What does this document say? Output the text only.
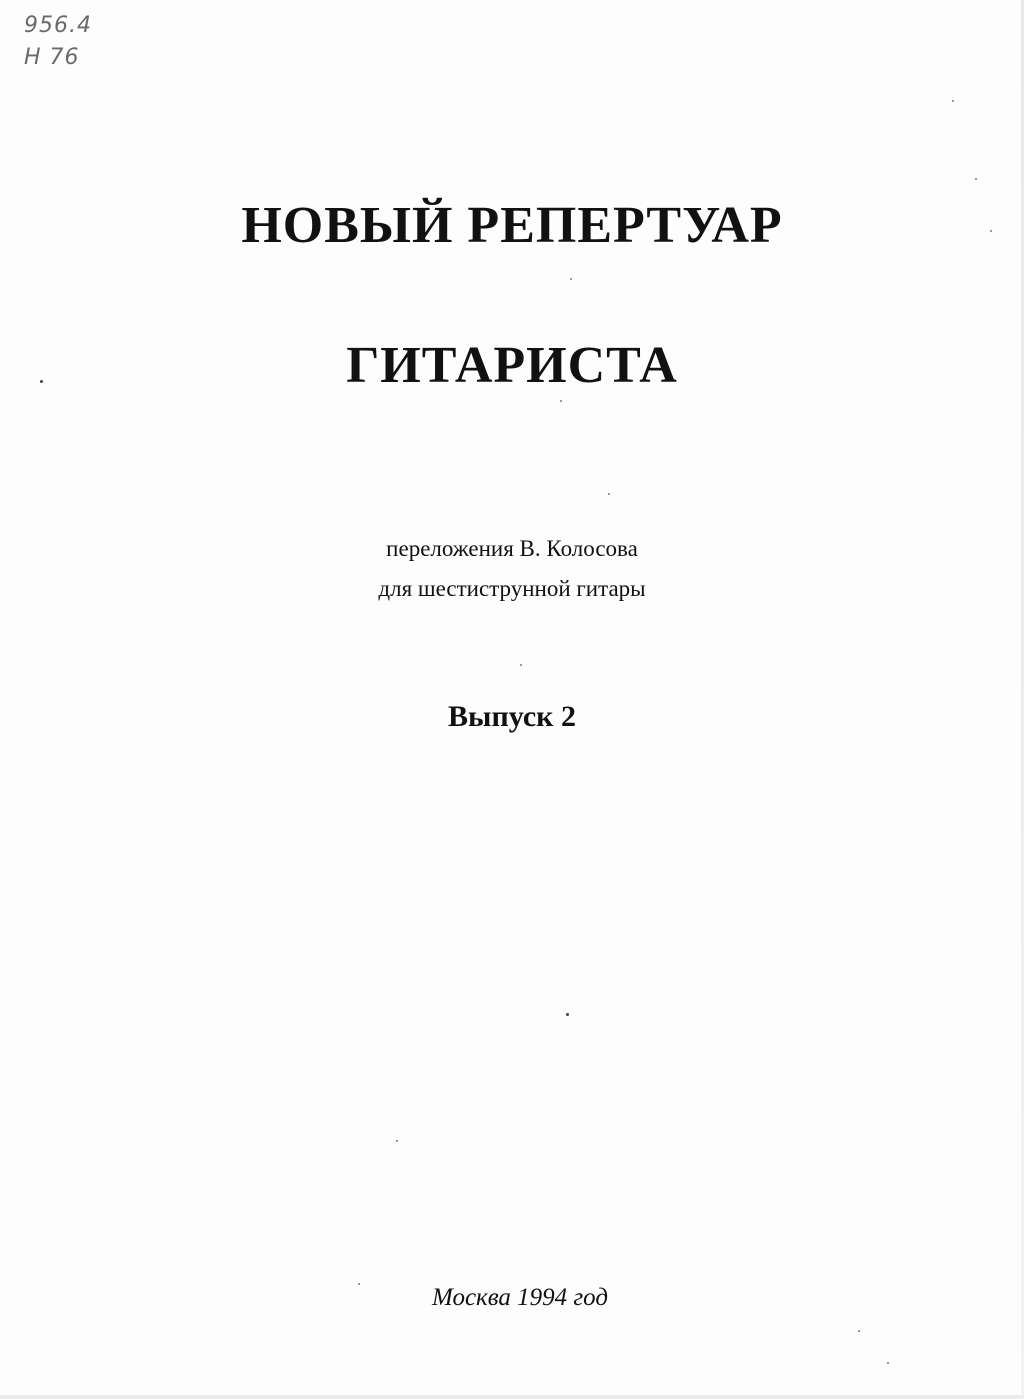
956.4
Н 76
НОВЫЙ РЕПЕРТУАР
ГИТАРИСТА
переложения В. Колосова
для шестиструнной гитары
Выпуск 2
Москва 1994 год
